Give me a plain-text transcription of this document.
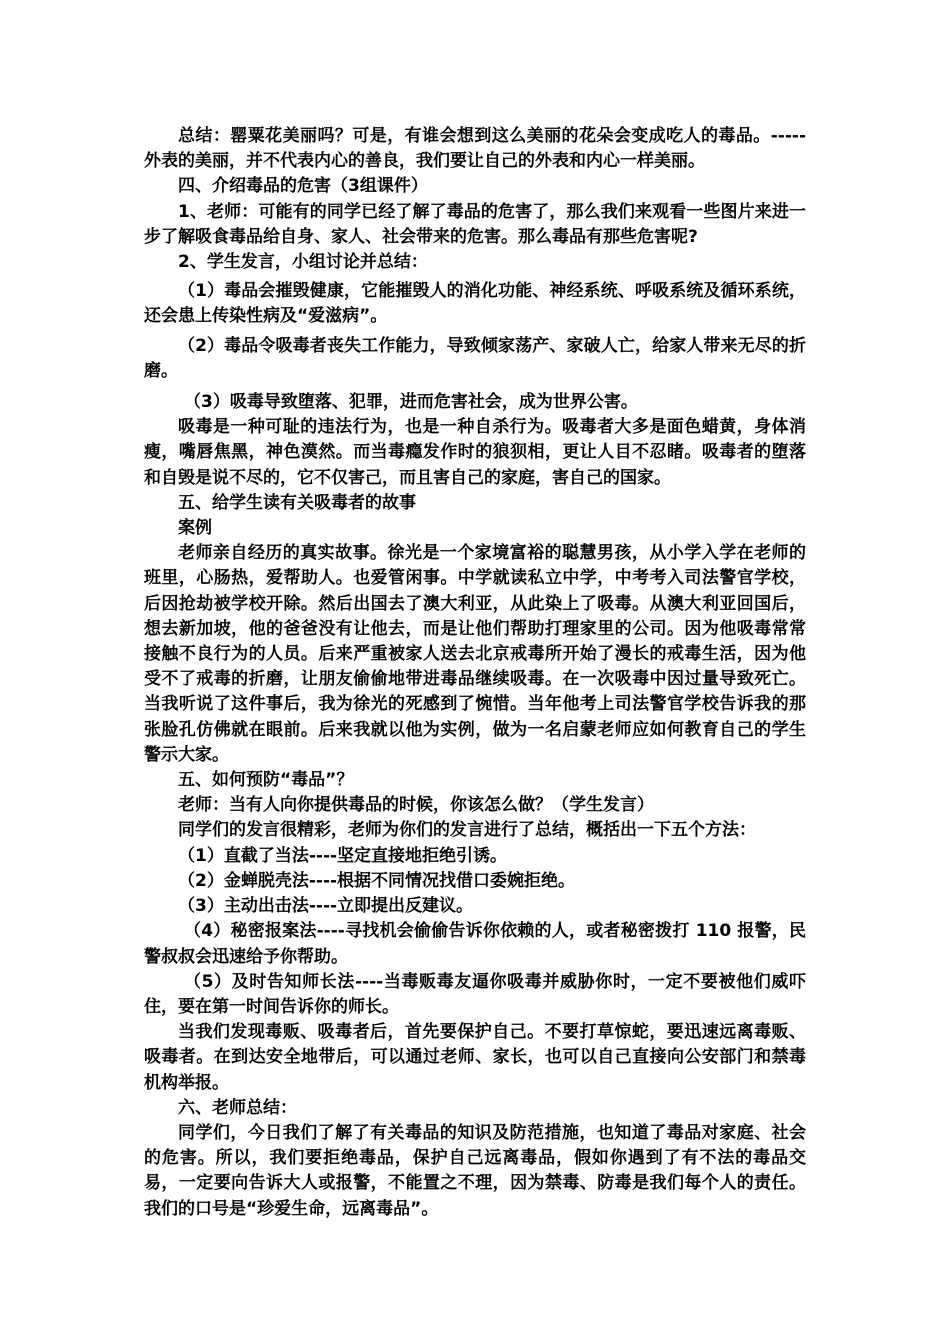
总结：罂粟花美丽吗？可是，有谁会想到这么美丽的花朵会变成吃人的毒品。-----外表的美丽，并不代表内心的善良，我们要让自己的外表和内心一样美丽。

四、介绍毒品的危害（3组课件）

1、老师：可能有的同学已经了解了毒品的危害了，那么我们来观看一些图片来进一步了解吸食毒品给自身、家人、社会带来的危害。那么毒品有那些危害呢?

2、学生发言，小组讨论并总结：

（1）毒品会摧毁健康，它能摧毁人的消化功能、神经系统、呼吸系统及循环系统，还会患上传染性病及“爱滋病”。

（2）毒品令吸毒者丧失工作能力，导致倾家荡产、家破人亡，给家人带来无尽的折磨。

（3）吸毒导致堕落、犯罪，进而危害社会，成为世界公害。

吸毒是一种可耻的违法行为，也是一种自杀行为。吸毒者大多是面色蜡黄，身体消瘦，嘴唇焦黑，神色漠然。而当毒瘾发作时的狼狈相，更让人目不忍睹。吸毒者的堕落和自毁是说不尽的，它不仅害己，而且害自己的家庭，害自己的国家。

五、给学生读有关吸毒者的故事

案例

老师亲自经历的真实故事。徐光是一个家境富裕的聪慧男孩，从小学入学在老师的班里，心肠热，爱帮助人。也爱管闲事。中学就读私立中学，中考考入司法警官学校，后因抢劫被学校开除。然后出国去了澳大利亚，从此染上了吸毒。从澳大利亚回国后，想去新加坡，他的爸爸没有让他去，而是让他们帮助打理家里的公司。因为他吸毒常常接触不良行为的人员。后来严重被家人送去北京戒毒所开始了漫长的戒毒生活，因为他受不了戒毒的折磨，让朋友偷偷地带进毒品继续吸毒。在一次吸毒中因过量导致死亡。当我听说了这件事后，我为徐光的死感到了惋惜。当年他考上司法警官学校告诉我的那张脸孔仿佛就在眼前。后来我就以他为实例，做为一名启蒙老师应如何教育自己的学生警示大家。

五、如何预防“毒品”？

老师：当有人向你提供毒品的时候，你该怎么做？（学生发言）

同学们的发言很精彩，老师为你们的发言进行了总结，概括出一下五个方法：

（1）直截了当法----坚定直接地拒绝引诱。

（2）金蝉脱壳法----根据不同情况找借口委婉拒绝。

（3）主动出击法----立即提出反建议。

（4）秘密报案法----寻找机会偷偷告诉你依赖的人，或者秘密拨打 110 报警，民警叔叔会迅速给予你帮助。

（5）及时告知师长法----当毒贩毒友逼你吸毒并威胁你时，一定不要被他们威吓住，要在第一时间告诉你的师长。

当我们发现毒贩、吸毒者后，首先要保护自己。不要打草惊蛇，要迅速远离毒贩、吸毒者。在到达安全地带后，可以通过老师、家长，也可以自己直接向公安部门和禁毒机构举报。

六、老师总结：

同学们，今日我们了解了有关毒品的知识及防范措施，也知道了毒品对家庭、社会的危害。所以，我们要拒绝毒品，保护自己远离毒品，假如你遇到了有不法的毒品交易，一定要向告诉大人或报警，不能置之不理，因为禁毒、防毒是我们每个人的责任。我们的口号是“珍爱生命，远离毒品”。
